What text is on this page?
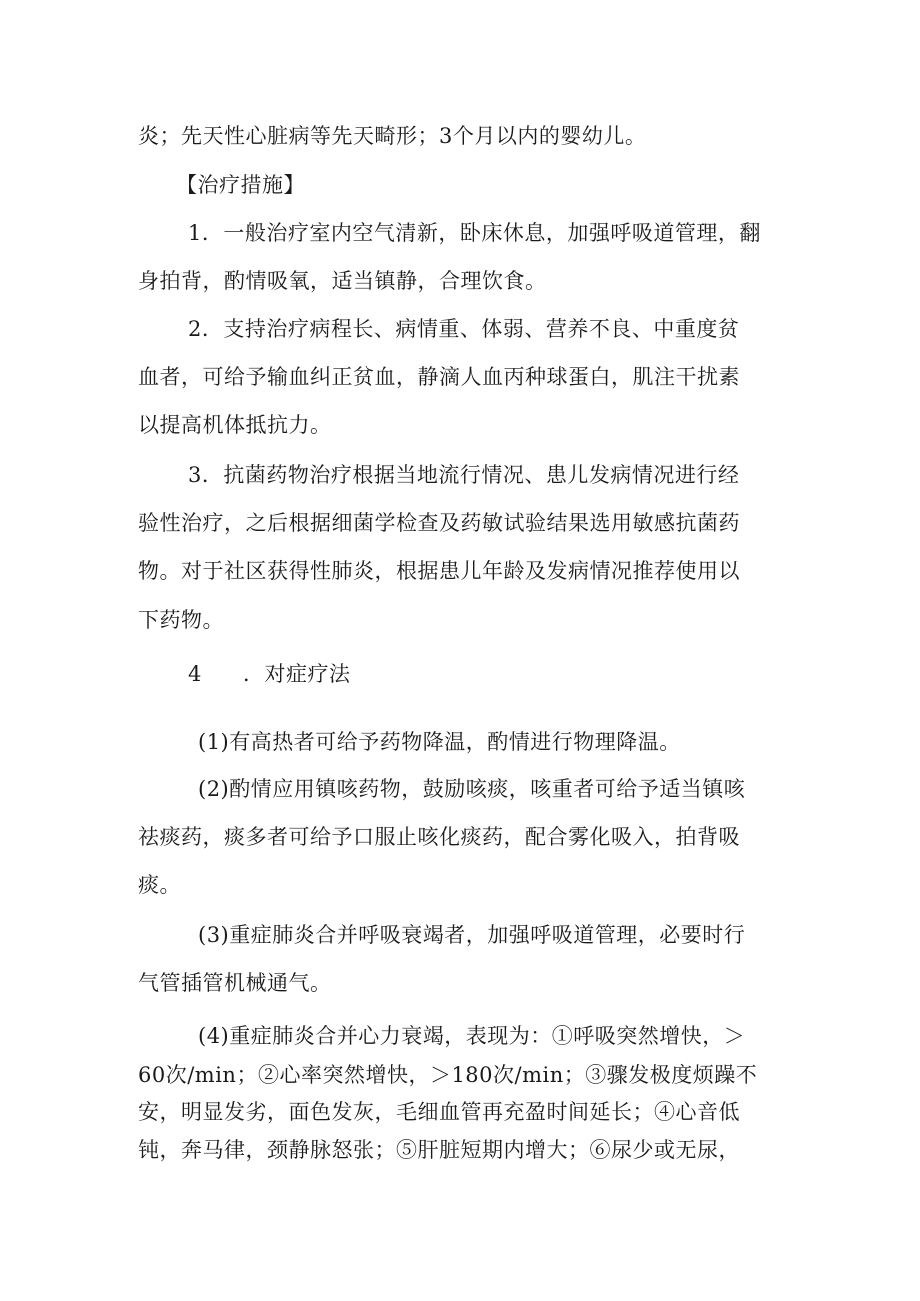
炎；先天性心脏病等先天畸形；3个月以内的婴幼儿。
【治疗措施】
1．一般治疗室内空气清新，卧床休息，加强呼吸道管理，翻
身拍背，酌情吸氧，适当镇静，合理饮食。
2．支持治疗病程长、病情重、体弱、营养不良、中重度贫
血者，可给予输血纠正贫血，静滴人血丙种球蛋白，肌注干扰素
以提高机体抵抗力。
3．抗菌药物治疗根据当地流行情况、患儿发病情况进行经
验性治疗，之后根据细菌学检查及药敏试验结果选用敏感抗菌药
物。对于社区获得性肺炎，根据患儿年龄及发病情况推荐使用以
下药物。
4 ．对症疗法
(1)有高热者可给予药物降温，酌情进行物理降温。
(2)酌情应用镇咳药物，鼓励咳痰，咳重者可给予适当镇咳
祛痰药，痰多者可给予口服止咳化痰药，配合雾化吸入，拍背吸
痰。
(3)重症肺炎合并呼吸衰竭者，加强呼吸道管理，必要时行
气管插管机械通气。
(4)重症肺炎合并心力衰竭，表现为：①呼吸突然增快，＞
60次/min；②心率突然增快，＞180次/min；③骤发极度烦躁不
安，明显发劣，面色发灰，毛细血管再充盈时间延长；④心音低
钝，奔马律，颈静脉怒张；⑤肝脏短期内增大；⑥尿少或无尿，
